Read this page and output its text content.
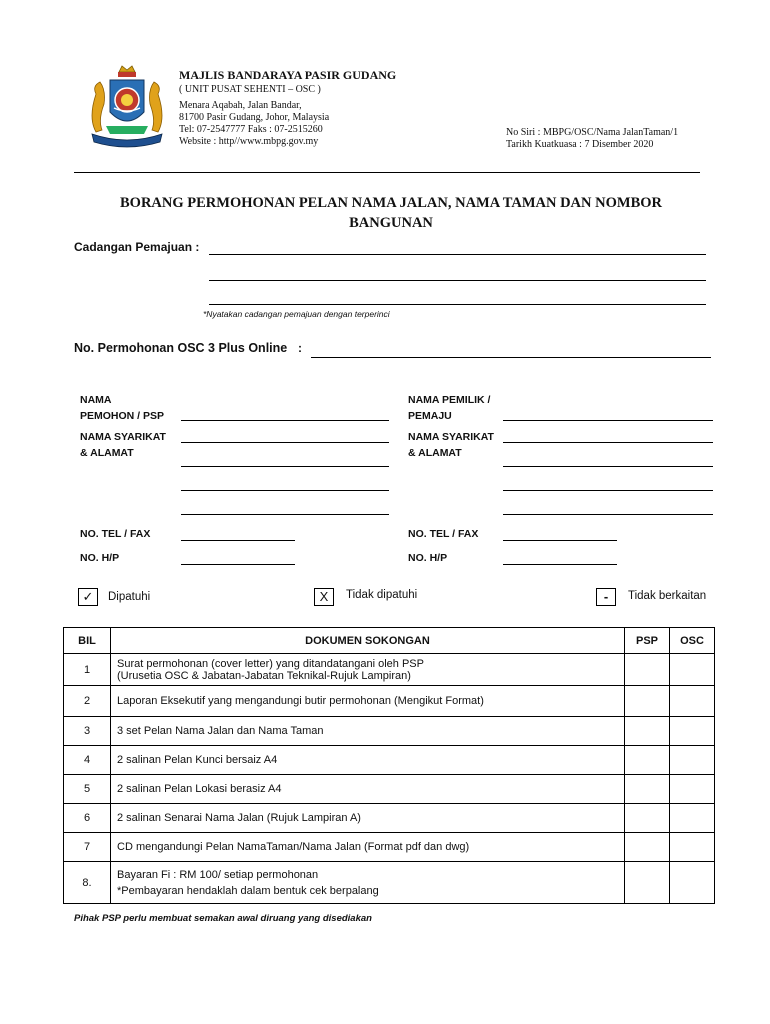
MAJLIS BANDARAYA PASIR GUDANG
( UNIT PUSAT SEHENTI – OSC )
Menara Aqabah, Jalan Bandar,
81700 Pasir Gudang, Johor, Malaysia
Tel: 07-2547777 Faks : 07-2515260
Website : http//www.mbpg.gov.my
No Siri : MBPG/OSC/Nama JalanTaman/1
Tarikh Kuatkuasa : 7 Disember 2020
BORANG PERMOHONAN PELAN NAMA JALAN, NAMA TAMAN DAN NOMBOR
BANGUNAN
Cadangan Pemajuan :
*Nyatakan cadangan pemajuan dengan terperinci
No. Permohonan OSC 3 Plus Online :
NAMA
PEMOHON / PSP
NAMA SYARIKAT
& ALAMAT
NO. TEL / FAX
NO. H/P
NAMA PEMILIK /
PEMAJU
NAMA SYARIKAT
& ALAMAT
NO. TEL / FAX
NO. H/P
✓	Dipatuhi	X	Tidak dipatuhi	-	Tidak berkaitan
BIL	DOKUMEN SOKONGAN	PSP	OSC
1	Surat permohonan (cover letter) yang ditandatangani oleh PSP
(Urusetia OSC & Jabatan-Jabatan Teknikal-Rujuk Lampiran)		

2	Laporan Eksekutif yang mengandungi butir permohonan (Mengikut Format)		
3	3 set Pelan Nama Jalan dan Nama Taman		
4	2 salinan Pelan Kunci bersaiz A4		
5	2 salinan Pelan Lokasi berasiz A4		
6	2 salinan Senarai Nama Jalan (Rujuk Lampiran A)		
7	CD mengandungi Pelan NamaTaman/Nama Jalan (Format pdf dan dwg)		
8.	Bayaran Fi : RM 100/ setiap permohonan
*Pembayaran hendaklah dalam bentuk cek berpalang		

Pihak PSP perlu membuat semakan awal diruang yang disediakan
